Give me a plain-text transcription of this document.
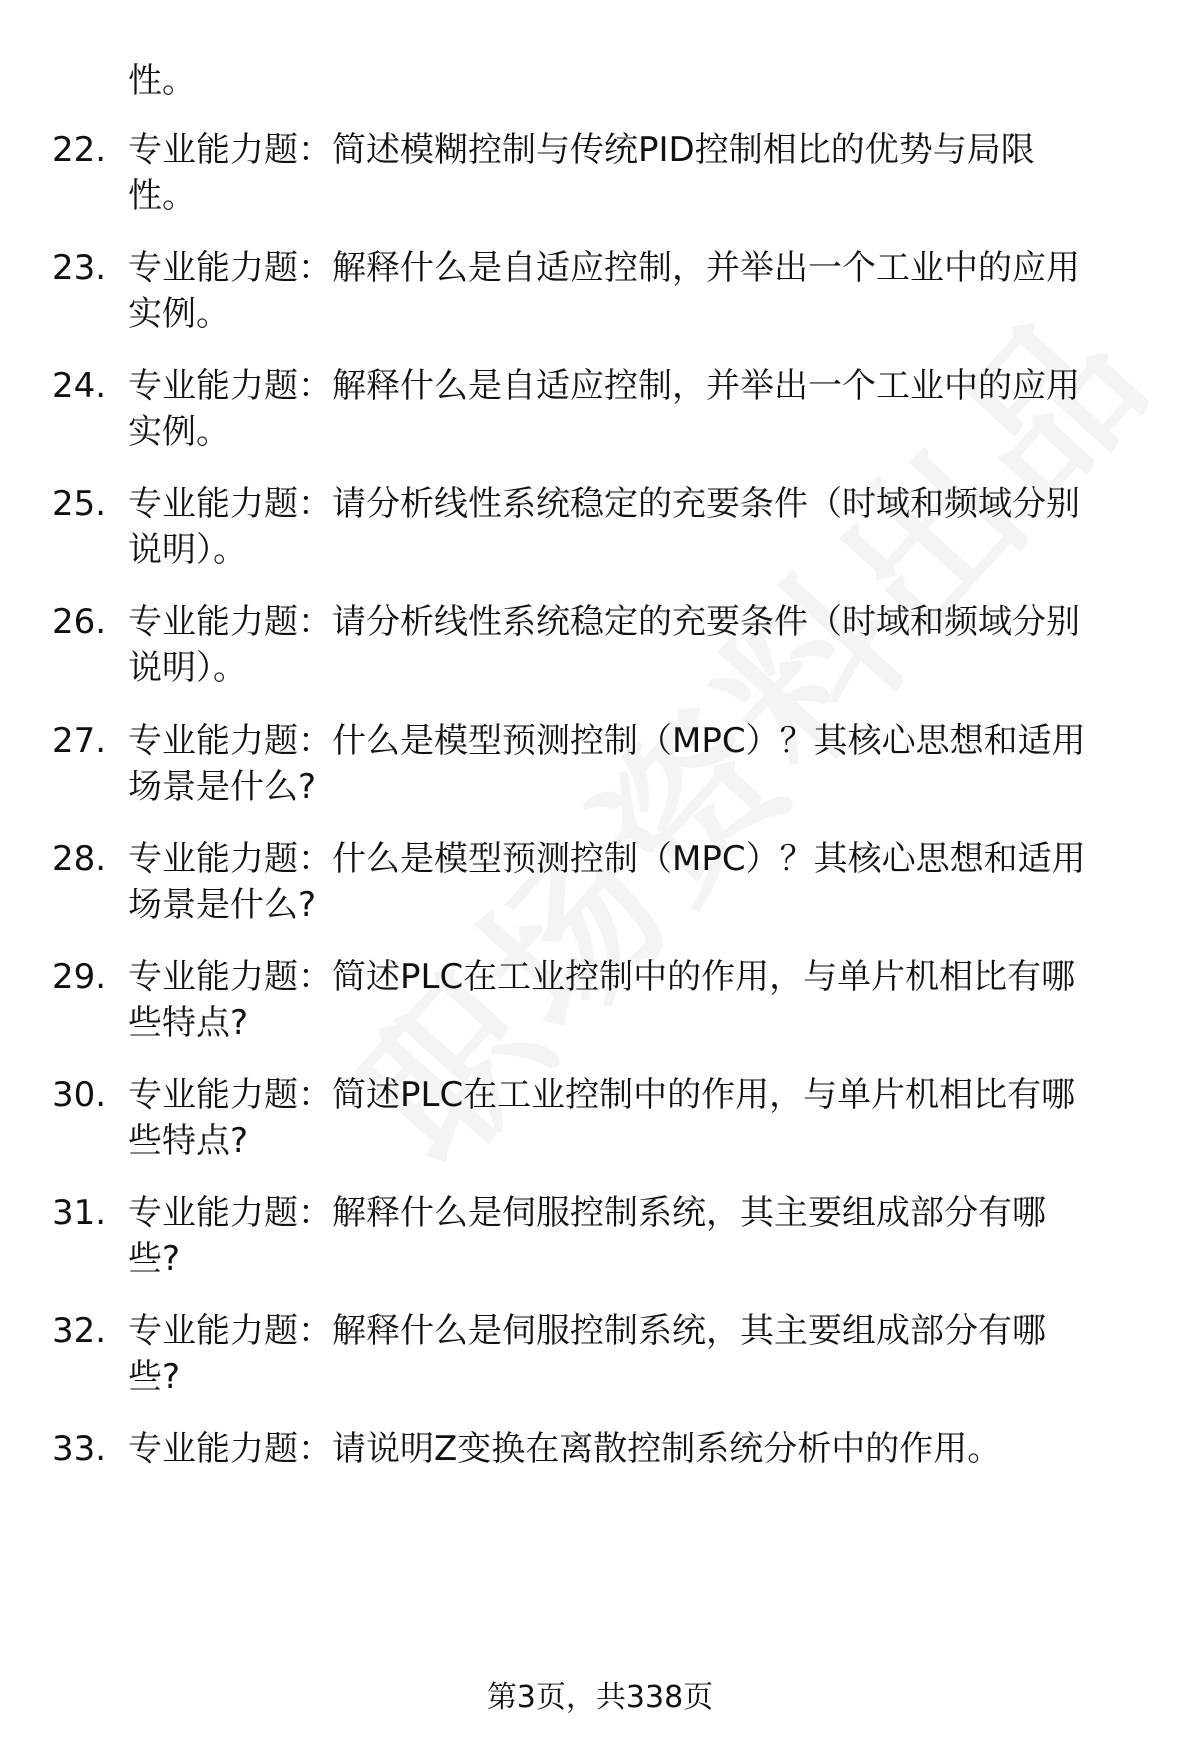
性。
22. 专业能力题：简述模糊控制与传统PID控制相比的优势与局限
性。
23. 专业能力题：解释什么是自适应控制，并举出一个工业中的应用
实例。
24. 专业能力题：解释什么是自适应控制，并举出一个工业中的应用
实例。
25. 专业能力题：请分析线性系统稳定的充要条件（时域和频域分别
说明）。
26. 专业能力题：请分析线性系统稳定的充要条件（时域和频域分别
说明）。
27. 专业能力题：什么是模型预测控制（MPC）？其核心思想和适用
场景是什么?
28. 专业能力题：什么是模型预测控制（MPC）？其核心思想和适用
场景是什么?
29. 专业能力题：简述PLC在工业控制中的作用，与单片机相比有哪
些特点?
30. 专业能力题：简述PLC在工业控制中的作用，与单片机相比有哪
些特点?
31. 专业能力题：解释什么是伺服控制系统，其主要组成部分有哪
些?
32. 专业能力题：解释什么是伺服控制系统，其主要组成部分有哪
些?
33. 专业能力题：请说明Z变换在离散控制系统分析中的作用。
第3页，共338页
